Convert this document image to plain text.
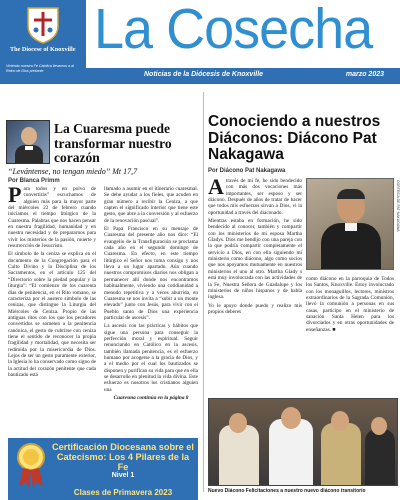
The Diocese of Knoxville
Viviéndo nuestra Fe Católica llevamos a al Reino de Dios presente
La Cosecha
Noticias de la Diócesis de Knoxville	marzo 2023
La Cuaresma puede transformar nuestro corazón
“Levántense, no tengan miedo” Mt 17,7
Por Blanca Primm

Para todos y en polvo de convertirás” escuchamos de alguien más para la mayor parte del miércoles 22 de febrero cuando iniciamos el tiempo litúrgico de la Cuaresma. Palabras que nos hacen pensar en nuestra fragilidad, humanidad y en nuestra necesidad y de prepararnos para vivir los misterios de la pasión, muerte y resurrección de Jesucristo.

El símbolo de la ceniza se explica en el documento de la Congregación para el Culto Divino y la Disciplina de los Sacramentos, en el artículo 125 del “Directorio sobre la piedad popular y la liturgia”: “El comienzo de los cuarenta días de penitencia, en el Rito romano, se caracteriza por el austero símbolo de las cenizas, que distingue la Liturgia del Miércoles de Ceniza. Propio de las antiguas ritos con los que los pecadores convertidos se someten a la penitencia canónica, el gesto de cubrirse con ceniza tiene el sentido de reconocer la propia fragilidad y mortalidad, que necesita ser redimida por la misericordia de Dios. Lejos de ser un gesto puramente exterior, la Iglesia lo ha conservado como signo de la actitud del corazón penitente que cada bautizado está

llamado a asumir en el itinerario cuaresmal. Se debe ayudar a los fieles, que acuden en gran número a recibir la Ceniza, a que capten el significado interior que tiene este gesto, que abre a la conversión y al esfuerzo de la renovación pascual”.

El Papa Francisco en su mensaje de Cuaresma del presente año nos dice: “El evangelio de la Transfiguración se proclama cada año en el segundo domingo de Cuaresma. En efecto, en este tiempo litúrgico el Señor nos toma consigo y nos lleva a un lugar apartado. Aún cuando nuestros compromisos diarios nos obligan a permanecer allí donde nos encontramos habitualmente, viviendo una cotidianidad a menudo repetitiva y a veces aburrida, en Cuaresma se nos invita a “subir a un monte elevado” junto con Jesús, para vivir con el Pueblo santo de Dios una experiencia particular de ascesis”.

La ascesis con las prácticas y hábitos que sigue una persona para conseguir la perfección moral y espiritual. Seguir renunciando en Católico en la ascesis, también llamada penitencia, es el esfuerzo humano por acogerse a la gracia de Dios, y a el medio por el cual los bautizados se disponen y purifican su vida para que en ella se desarrolle en plenitud la vida divina. Este esfuerzo es nosotros los cristianos alguien una

Cuaresma continúa en la página 8

Certificación Diocesana sobre el Catecismo: Los 4 Pilares de la Fe
Nivel 1
Clases de Primavera 2023
Conociendo a nuestros Diáconos: Diácono Pat Nakagawa
Por Diácono Pat Nakagawa

Através de mi fe, he sido bendecido con más dos vocaciones más importantes, ser esposo y ser diácono. Después de años de tratar de hacer que todos mis esfuerzos sirvan a Dios, vi la oportunidad a través del diaconado.

Mientras estaba en formación, he sido bendecido al conocer, también y compartir con los ministerios de mi esposa Martha Gladys. Dios me bendijo con una pareja con la que podría compartir completamente el servicio a Dios, en con ella siguiendo mi ministerio como diácono, algo como socios que nos apoyamos mutuamente en nuestros ministerios el uno al otro. Martha Glady s está muy involucrada con las actividades de la Fe, Nuestra Señora de Guadalupe y los ministerios de niños hispanos y de habla inglesa.

Yo le apoyo donde puedo y realizo mis propios deberes

CORTESÍA DE PAT NAKAGAWA

como diácono en la parroquia de Todos los Santos, Knoxville. Estoy involucrado con los monaguillos, lectores, ministros extraordinarios de la Sagrada Comunión, llevó la comunión a personas en sus casas, participo en el ministerio de sanación Santa Helen para los divorciados y en otras oportunidades de enseñanzas. ■

Nuevo Diácono Felicitaciones a nuestro nuevo diácono transitorio
